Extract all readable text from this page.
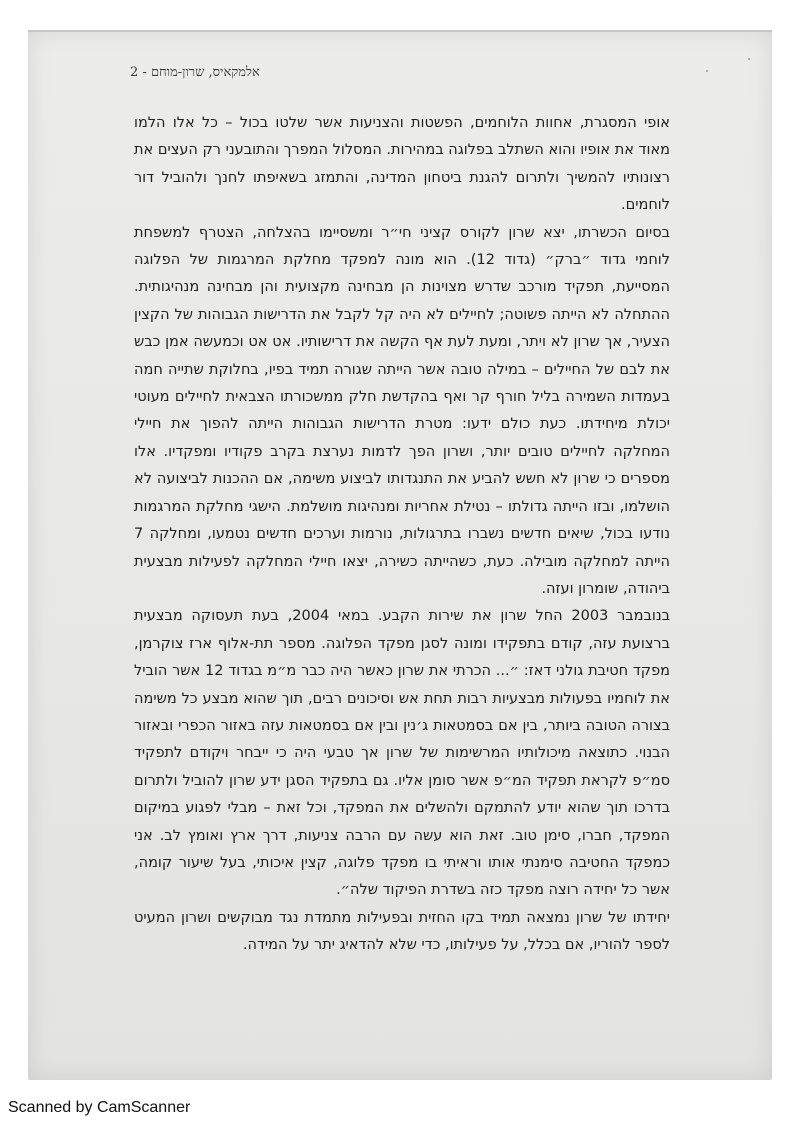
אלמקאיס, שרון-מוחם - 2

אופי המסגרת, אחוות הלוחמים, הפשטות והצניעות אשר שלטו בכול – כל אלו הלמו מאוד את אופיו והוא השתלב בפלוגה במהירות. המסלול המפרך והתובעני רק העצים את רצונותיו להמשיך ולתרום להגנת ביטחון המדינה, והתמזג בשאיפתו לחנך ולהוביל דור לוחמים.

בסיום הכשרתו, יצא שרון לקורס קציני חי״ר ומשסיימו בהצלחה, הצטרף למשפחת לוחמי גדוד ״ברק״ (גדוד 12). הוא מונה למפקד מחלקת המרגמות של הפלוגה המסייעת, תפקיד מורכב שדרש מצוינות הן מבחינה מקצועית והן מבחינה מנהיגותית. ההתחלה לא הייתה פשוטה; לחיילים לא היה קל לקבל את הדרישות הגבוהות של הקצין הצעיר, אך שרון לא ויתר, ומעת לעת אף הקשה את דרישותיו. אט אט וכמעשה אמן כבש את לבם של החיילים – במילה טובה אשר הייתה שגורה תמיד בפיו, בחלוקת שתייה חמה בעמדות השמירה בליל חורף קר ואף בהקדשת חלק ממשכורתו הצבאית לחיילים מעוטי יכולת מיחידתו. כעת כולם ידעו: מטרת הדרישות הגבוהות הייתה להפוך את חיילי המחלקה לחיילים טובים יותר, ושרון הפך לדמות נערצת בקרב פקודיו ומפקדיו. אלו מספרים כי שרון לא חשש להביע את התנגדותו לביצוע משימה, אם ההכנות לביצועה לא הושלמו, ובזו הייתה גדולתו – נטילת אחריות ומנהיגות מושלמת. הישגי מחלקת המרגמות נודעו בכול, שיאים חדשים נשברו בתרגולות, נורמות וערכים חדשים נטמעו, ומחלקה 7 הייתה למחלקה מובילה. כעת, כשהייתה כשירה, יצאו חיילי המחלקה לפעילות מבצעית ביהודה, שומרון ועזה.

בנובמבר 2003 החל שרון את שירות הקבע. במאי 2004, בעת תעסוקה מבצעית ברצועת עזה, קודם בתפקידו ומונה לסגן מפקד הפלוגה. מספר תת-אלוף ארז צוקרמן, מפקד חטיבת גולני דאז: ״... הכרתי את שרון כאשר היה כבר מ״מ בגדוד 12 אשר הוביל את לוחמיו בפעולות מבצעיות רבות תחת אש וסיכונים רבים, תוך שהוא מבצע כל משימה בצורה הטובה ביותר, בין אם בסמטאות ג׳נין ובין אם בסמטאות עזה באזור הכפרי ובאזור הבנוי. כתוצאה מיכולותיו המרשימות של שרון אך טבעי היה כי ייבחר ויקודם לתפקיד סמ״פ לקראת תפקיד המ״פ אשר סומן אליו. גם בתפקיד הסגן ידע שרון להוביל ולתרום בדרכו תוך שהוא יודע להתמקם ולהשלים את המפקד, וכל זאת – מבלי לפגוע במיקום המפקד, חברו, סימן טוב. זאת הוא עשה עם הרבה צניעות, דרך ארץ ואומץ לב. אני כמפקד החטיבה סימנתי אותו וראיתי בו מפקד פלוגה, קצין איכותי, בעל שיעור קומה, אשר כל יחידה רוצה מפקד כזה בשדרת הפיקוד שלה״.

יחידתו של שרון נמצאה תמיד בקו החזית ובפעילות מתמדת נגד מבוקשים ושרון המעיט לספר להוריו, אם בכלל, על פעילותו, כדי שלא להדאיג יתר על המידה.

Scanned by CamScanner
